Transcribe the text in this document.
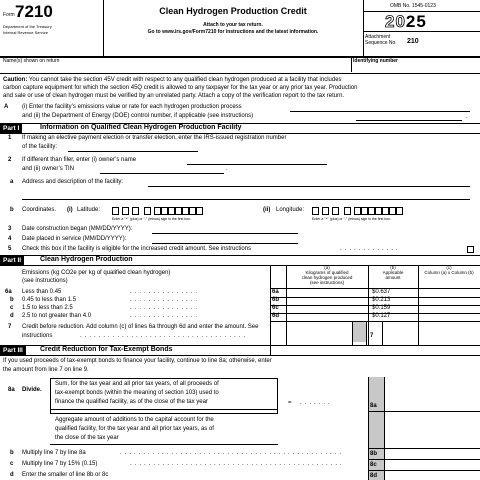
Form 7210
Department of the Treasury
Internal Revenue Service
Clean Hydrogen Production Credit
Attach to your tax return.
Go to www.irs.gov/Form7210 for instructions and the latest information.
OMB No. 1545-0123
2025
Attachment
Sequence No. 210
Name(s) shown on return	Identifying number
Caution: You cannot take the section 45V credit with respect to any qualified clean hydrogen produced at a facility that includes
carbon capture equipment for which the section 45Q credit is allowed to any taxpayer for the tax year or any prior tax year. Production
and sale or use of clean hydrogen must be verified by an unrelated party. Attach a copy of the verification report to the tax return.
A (i) Enter the facility’s emissions value or rate for each hydrogen production process
and (ii) the Department of Energy (DOE) control number, if applicable (see instructions)	.
Part I	Information on Qualified Clean Hydrogen Production Facility
1 If making an elective payment election or transfer election, enter the IRS-issued registration number
of the facility:
2 If different than filer, enter (i) owner’s name
and (ii) owner’s TIN	.
a Address and description of the facility:
b Coordinates. (i) Latitude:	(ii) Longitude:
Enter a "+" (plus) or "-" (minus) sign in the first box.	Enter a "+" (plus) or "-" (minus) sign in the first box.
3 Date construction began (MM/DD/YYYY):
4 Date placed in service (MM/DD/YYYY):
5 Check this box if the facility is eligible for the increased credit amount. See instructions	.............
Part II	Clean Hydrogen Production
Emissions (kg CO2e per kg of qualified clean hydrogen)
(see instructions)
(a)
Kilograms of qualified
clean hydrogen produced
(see instructions)
(b)
Applicable
amount
(c)
Column (a) x Column (b)
6a Less than 0.45	...............	6a	$0.637
b 0.45 to less than 1.5	...............	6b	$0.213
c 1.5 to less than 2.5	...............	6c	$0.159
d 2.5 to not greater than 4.0	...............	6d	$0.127
7 Credit before reduction. Add column (c) of lines 6a through 6d and enter the amount. See
instructions	....................................	7
Part III	Credit Reduction for Tax-Exempt Bonds
If you used proceeds of tax-exempt bonds to finance your facility, continue to line 8a; otherwise, enter
the amount from line 7 on line 9.
8a Divide.
Sum, for the tax year and all prior tax years, of all proceeds of
tax-exempt bonds (within the meaning of section 103) used to
finance the qualified facility, as of the close of the tax year
Aggregate amount of additions to the capital account for the
qualified facility, for the tax year and all prior tax years, as of
the close of the tax year
= .......	8a
b Multiply line 7 by line 8a	................................................	8b
c Multiply line 7 by 15% (0.15)	..............................................	8c
d Enter the smaller of line 8b or 8c	8d
